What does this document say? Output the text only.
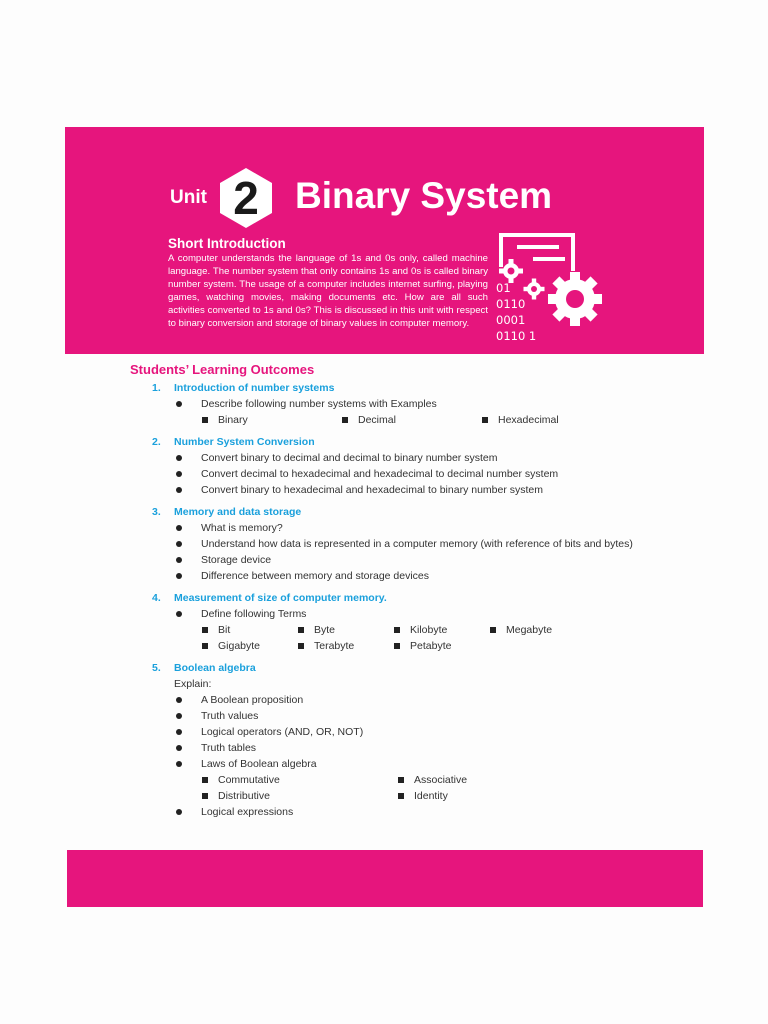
Unit 2 Binary System
Short Introduction

A computer understands the language of 1s and 0s only, called machine language. The number system that only contains 1s and 0s is called binary number system. The usage of a computer includes internet surfing, playing games, watching movies, making documents etc. How are all such activities converted to 1s and 0s? This is discussed in this unit with respect to binary conversion and storage of binary values in computer memory.

01
0110
0001
0110 1
Students’ Learning Outcomes
1.	Introduction of number systems
Describe following number systems with Examples
Binary	Decimal	Hexadecimal
2.	Number System Conversion
Convert binary to decimal and decimal to binary number system
Convert decimal to hexadecimal and hexadecimal to decimal number system
Convert binary to hexadecimal and hexadecimal to binary number system
3.	Memory and data storage
What is memory?
Understand how data is represented in a computer memory (with reference of bits and bytes)
Storage device
Difference between memory and storage devices
4.	Measurement of size of computer memory.
Define following Terms
Bit	Byte	Kilobyte	Megabyte
Gigabyte	Terabyte	Petabyte
5.	Boolean algebra
Explain:
A Boolean proposition
Truth values
Logical operators (AND, OR, NOT)
Truth tables
Laws of Boolean algebra
Commutative	Associative
Distributive	Identity
Logical expressions
